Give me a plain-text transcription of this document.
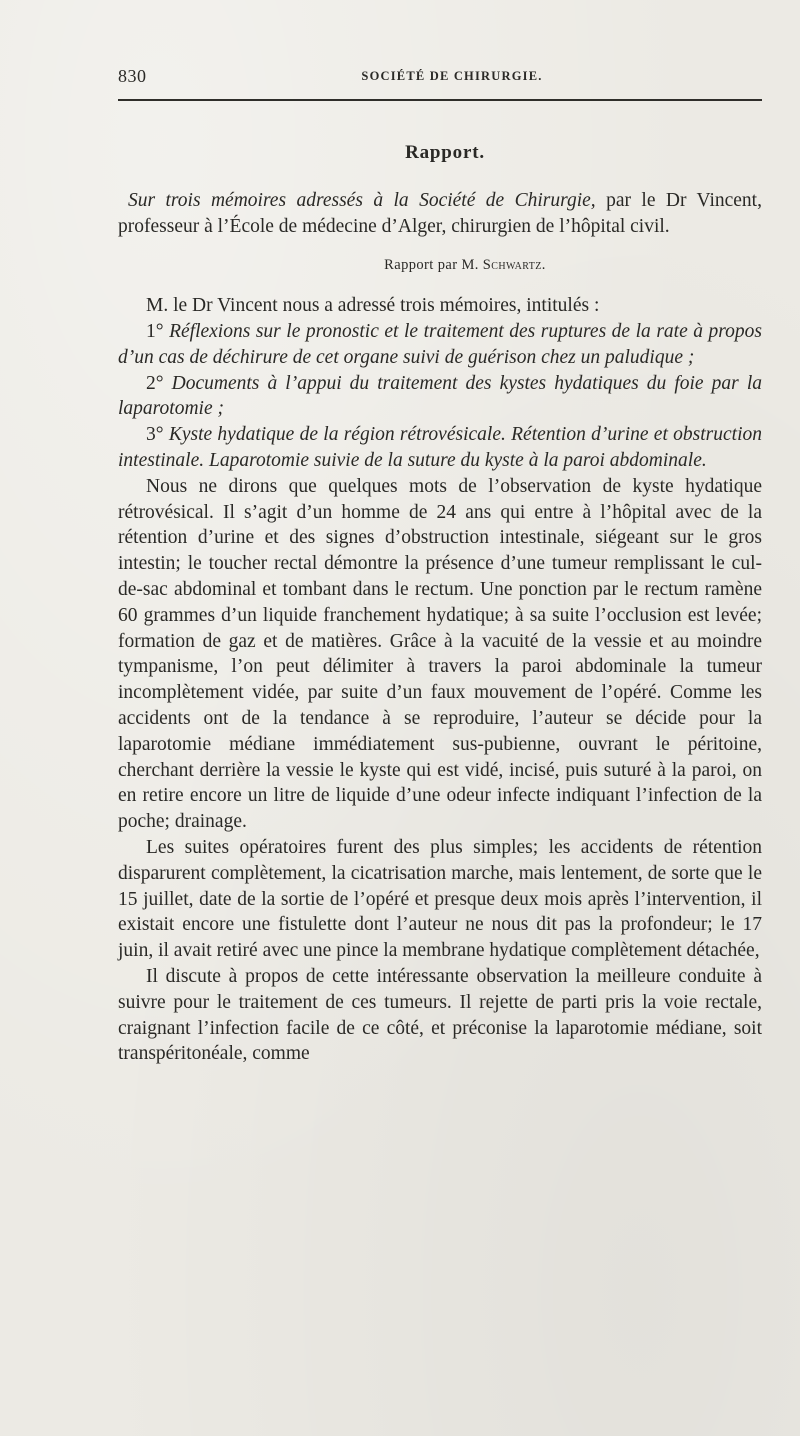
830	SOCIÉTÉ DE CHIRURGIE.

Rapport.

Sur trois mémoires adressés à la Société de Chirurgie, par le Dr Vincent, professeur à l’École de médecine d’Alger, chirurgien de l’hôpital civil.

Rapport par M. Schwartz.

M. le Dr Vincent nous a adressé trois mémoires, intitulés :

1° Réflexions sur le pronostic et le traitement des ruptures de la rate à propos d’un cas de déchirure de cet organe suivi de guérison chez un paludique ;

2° Documents à l’appui du traitement des kystes hydatiques du foie par la laparotomie ;

3° Kyste hydatique de la région rétrovésicale. Rétention d’urine et obstruction intestinale. Laparotomie suivie de la suture du kyste à la paroi abdominale.

Nous ne dirons que quelques mots de l’observation de kyste hydatique rétrovésical. Il s’agit d’un homme de 24 ans qui entre à l’hôpital avec de la rétention d’urine et des signes d’obstruction intestinale, siégeant sur le gros intestin; le toucher rectal démontre la présence d’une tumeur remplissant le cul-de-sac abdominal et tombant dans le rectum. Une ponction par le rectum ramène 60 grammes d’un liquide franchement hydatique; à sa suite l’occlusion est levée; formation de gaz et de matières. Grâce à la vacuité de la vessie et au moindre tympanisme, l’on peut délimiter à travers la paroi abdominale la tumeur incomplètement vidée, par suite d’un faux mouvement de l’opéré. Comme les accidents ont de la tendance à se reproduire, l’auteur se décide pour la laparotomie médiane immédiatement sus-pubienne, ouvrant le péritoine, cherchant derrière la vessie le kyste qui est vidé, incisé, puis suturé à la paroi, on en retire encore un litre de liquide d’une odeur infecte indiquant l’infection de la poche; drainage.

Les suites opératoires furent des plus simples; les accidents de rétention disparurent complètement, la cicatrisation marche, mais lentement, de sorte que le 15 juillet, date de la sortie de l’opéré et presque deux mois après l’intervention, il existait encore une fistulette dont l’auteur ne nous dit pas la profondeur; le 17 juin, il avait retiré avec une pince la membrane hydatique complètement détachée,

Il discute à propos de cette intéressante observation la meilleure conduite à suivre pour le traitement de ces tumeurs. Il rejette de parti pris la voie rectale, craignant l’infection facile de ce côté, et préconise la laparotomie médiane, soit transpéritonéale, comme
